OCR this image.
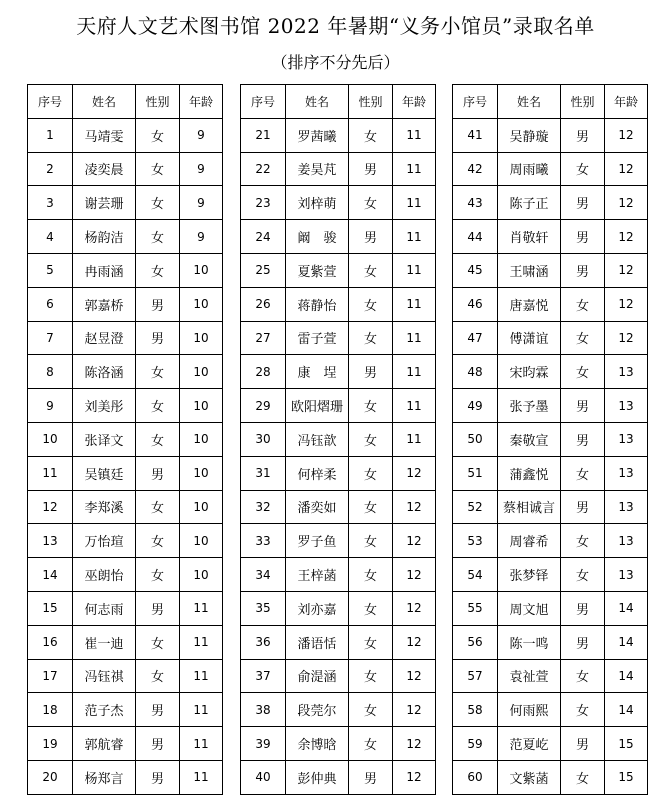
天府人文艺术图书馆 2022 年暑期“义务小馆员”录取名单
（排序不分先后）
序号	姓名	性别	年龄
1	马靖雯	女	9
2	凌奕晨	女	9
3	谢芸珊	女	9
4	杨韵洁	女	9
5	冉雨涵	女	10
6	郭嘉桥	男	10
7	赵昱澄	男	10
8	陈洛涵	女	10
9	刘美彤	女	10
10	张译文	女	10
11	吴镇廷	男	10
12	李郑溪	女	10
13	万怡瑄	女	10
14	巫朗怡	女	10
15	何志雨	男	11
16	崔一迪	女	11
17	冯钰祺	女	11
18	范子杰	男	11
19	郭航睿	男	11
20	杨郑言	男	11
序号	姓名	性别	年龄
21	罗茜曦	女	11
22	姜昊芃	男	11
23	刘梓萌	女	11
24	阚　骏	男	11
25	夏紫萱	女	11
26	蒋静怡	女	11
27	雷子萱	女	11
28	康　埕	男	11
29	欧阳熠珊	女	11
30	冯钰歆	女	11
31	何梓柔	女	12
32	潘奕如	女	12
33	罗子鱼	女	12
34	王梓菡	女	12
35	刘亦嘉	女	12
36	潘语恬	女	12
37	俞湜涵	女	12
38	段莞尔	女	12
39	余博晗	女	12
40	彭仲典	男	12
序号	姓名	性别	年龄
41	吴静璇	男	12
42	周雨曦	女	12
43	陈子正	男	12
44	肖敬轩	男	12
45	王啸涵	男	12
46	唐嘉悦	女	12
47	傅潇谊	女	12
48	宋昀霖	女	13
49	张予墨	男	13
50	秦敬宣	男	13
51	蒲鑫悦	女	13
52	蔡相诚言	男	13
53	周睿希	女	13
54	张梦铎	女	13
55	周文旭	男	14
56	陈一鸣	男	14
57	袁祉萱	女	14
58	何雨熙	女	14
59	范夏屹	男	15
60	文紫菡	女	15
